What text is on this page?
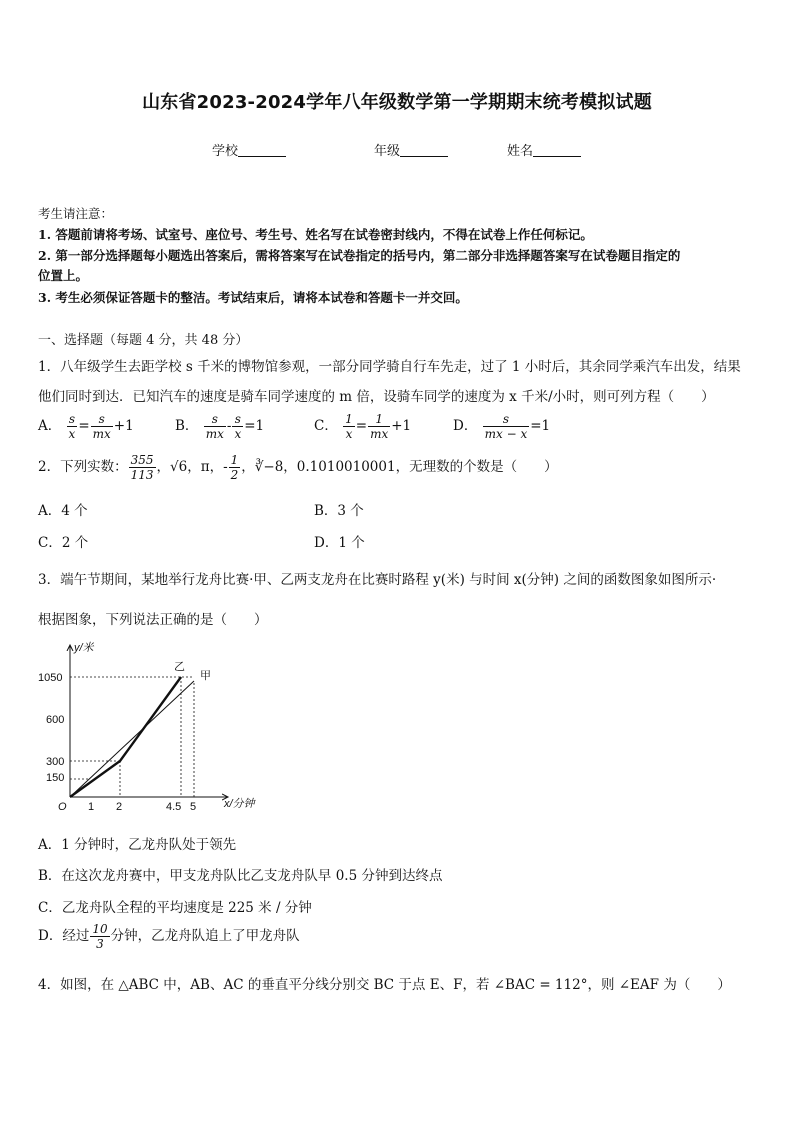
山东省2023-2024学年八年级数学第一学期期末统考模拟试题
学校	年级	姓名
考生请注意：
1. 答题前请将考场、试室号、座位号、考生号、姓名写在试卷密封线内，不得在试卷上作任何标记。
2. 第一部分选择题每小题选出答案后，需将答案写在试卷指定的括号内，第二部分非选择题答案写在试卷题目指定的
位置上。
3. 考生必须保证答题卡的整洁。考试结束后，请将本试卷和答题卡一并交回。
一、选择题（每题 4 分，共 48 分）
1．八年级学生去距学校 s 千米的博物馆参观，一部分同学骑自行车先走，过了 1 小时后，其余同学乘汽车出发，结果
他们同时到达．已知汽车的速度是骑车同学速度的 m 倍，设骑车同学的速度为 x 千米/小时，则可列方程（　　）
A． $\frac{s}{x} = \frac{s}{mx} +1$	B． $\frac{s}{mx} - \frac{s}{x} =1$	C． $\frac{1}{x} = \frac{1}{mx} +1$	D． $\frac{s}{mx - x} =1$
2．下列实数： $\frac{355}{113}$ ，√6，π，- $\frac{1}{2}$ ，∛−8，0.1010010001，无理数的个数是（　　）
A．4 个	B．3 个
C．2 个	D．1 个
3．端午节期间，某地举行龙舟比赛·甲、乙两支龙舟在比赛时路程 y(米) 与时间 x(分钟) 之间的函数图象如图所示·
根据图象，下列说法正确的是（　　）
y/米
x/分钟
O
1050
600
300
150
1 2	4.5 5
乙
甲
A．1 分钟时，乙龙舟队处于领先
B．在这次龙舟赛中，甲支龙舟队比乙支龙舟队早 0.5 分钟到达终点
C．乙龙舟队全程的平均速度是 225 米 / 分钟
D．经过 $\frac{10}{3}$ 分钟，乙龙舟队追上了甲龙舟队
4．如图，在 △ABC 中，AB、AC 的垂直平分线分别交 BC 于点 E、F，若 ∠BAC = 112°，则 ∠EAF 为（　　）
